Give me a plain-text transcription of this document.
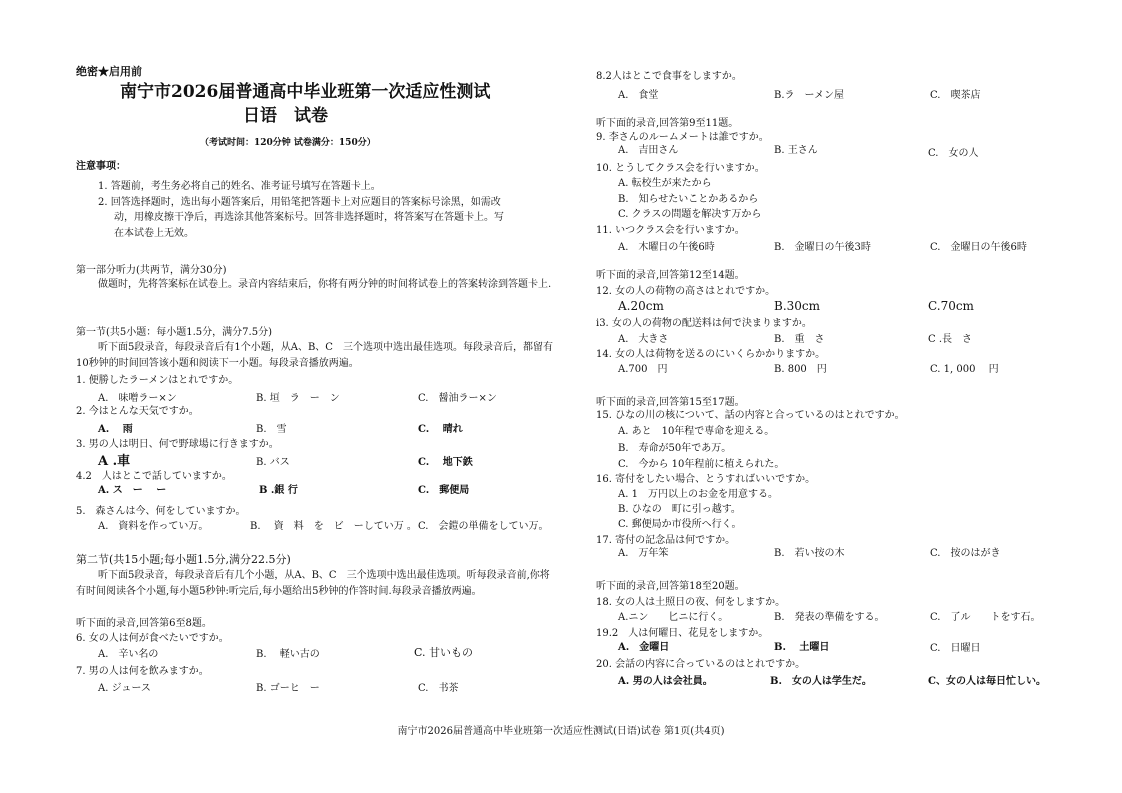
绝密★启用前
南宁市2026届普通高中毕业班第一次适应性测试
日语　试卷
（考试时间：120分钟 试卷满分：150分）
注意事项：
1. 答题前，考生务必将自己的姓名、准考证号填写在答题卡上。
2. 回答选择题时，选出每小题答案后，用铅笔把答题卡上对应题目的答案标号涂黑，如需改
动，用橡皮擦干净后，再选涂其他答案标号。回答非选择题时，将答案写在答题卡上。写
在本试卷上无效。
第一部分听力(共两节，满分30分)
做题时，先将答案标在试卷上。录音内容结束后，你将有两分钟的时间将试卷上的答案转涂到答题卡上.
第一节(共5小题：每小题1.5分，满分7.5分)
听下面5段录音，每段录音后有1个小题，从A、B、C　三个选项中选出最佳选项。每段录音后，都留有10秒钟的时间回答该小题和阅读下一小题。每段录音播放两遍。
1. 便勝したラーメンはとれですか。
A.　味噌ラー×ン	B. 垣　ラ　ー　ン	C.　醤油ラー×ン
2. 今はとんな天気ですか。
A.　 雨	B.　雪	C.　 晴れ
3. 男の人は明日、何で野球場に行きますか。
A .車	B. バス	C.　 地下鉄
4.2　人はとこで話していますか。
A. ス　ー　 ー	B .銀 行	C.　郵便局
5.　森さんは今、何をしていますか。
A.　資料を作ってい万。	B.　 資　料　を　ビ　ーしてい万 。 C.　会鎧の単備をしてい万。
第二节(共15小题;每小题1.5分,满分22.5分)
听下面5段录音，每段录音后有几个小题，从A、B、C　三个选项中选出最佳选项。听每段录音前,你将有时间阅读各个小题,每小题5秒钟:听完后,每小题给出5秒钟的作答时间.每段录音播放两遍。
听下面的录音,回答第6至8题。
6. 女の人は何が食べたいですか。
A.　辛い名の	B.　 軽い古の	C. 甘いもの
7. 男の人は何を飲みますか。
A. ジュース	B. ゴーヒ　ー	C.　书茶
8.2人はとこで食事をしますか。
A.　食堂	B.ラ　ーメン屋	C.　喫茶店
听下面的录音,回答第9至11题。
9. 李さんのルームメートは誰ですか。
A.　吉田さん	B. 王さん	C.　女の人
10. とうしてクラス会を行いますか。
A. 転校生が来たから
B.　知らせたいことかあるから
C. クラスの問題を解决す万から
11. いつクラス会を行いますか。
A.　木曜日の午後6時	B.　金曜日の午後3時	C.　金曜日の午後6時
听下面的录音,回答第12至14题。
12. 女の人の荷物の高さはとれですか。
A.20cm	B.30cm	C.70cm
i3. 女の人の荷物の配送料は何で決まりますか。
A.　大きさ	B.　重　さ	C .長　さ
14. 女の人は荷物を送るのにいくらかかりますか。
A.700　円	B. 800　円	C. 1, 000　 円
听下面的录音,回答第15至17题。
15. ひなの川の核について、話の内容と合っているのはとれですか。
A. あと　10年程で専命を迎える。
B.　寿命が50年であ万。
C.　今から 10年程前に植えられた。
16. 寄付をしたい場合、とうすればいいですか。
A. 1　万円以上のお金を用意する。
B. ひなの　町に引っ越す。
C. 郵便局か市役所へ行く。
17. 寄付の記念品は何ですか。
A.　万年笨	B.　若い按の木	C.　按のはがき
听下面的录音,回答第18至20题。
18. 女の人は土照日の夜、何をしますか。
A.ニン　　匕ニに行く。	B.　発表の準備をする。	C.　了ル　　トをす石。
19.2　人は何曜日、花見をしますか。
A.　金曜日	B.　 土曜日	C.　日曜日
20. 会話の内容に合っているのはとれですか。
A. 男の人は会社員。	B.　女の人は学生だ。	C、女の人は毎日忙しい。
南宁市2026届普通高中毕业班第一次适应性测试(日语)试卷 第1页(共4页)
